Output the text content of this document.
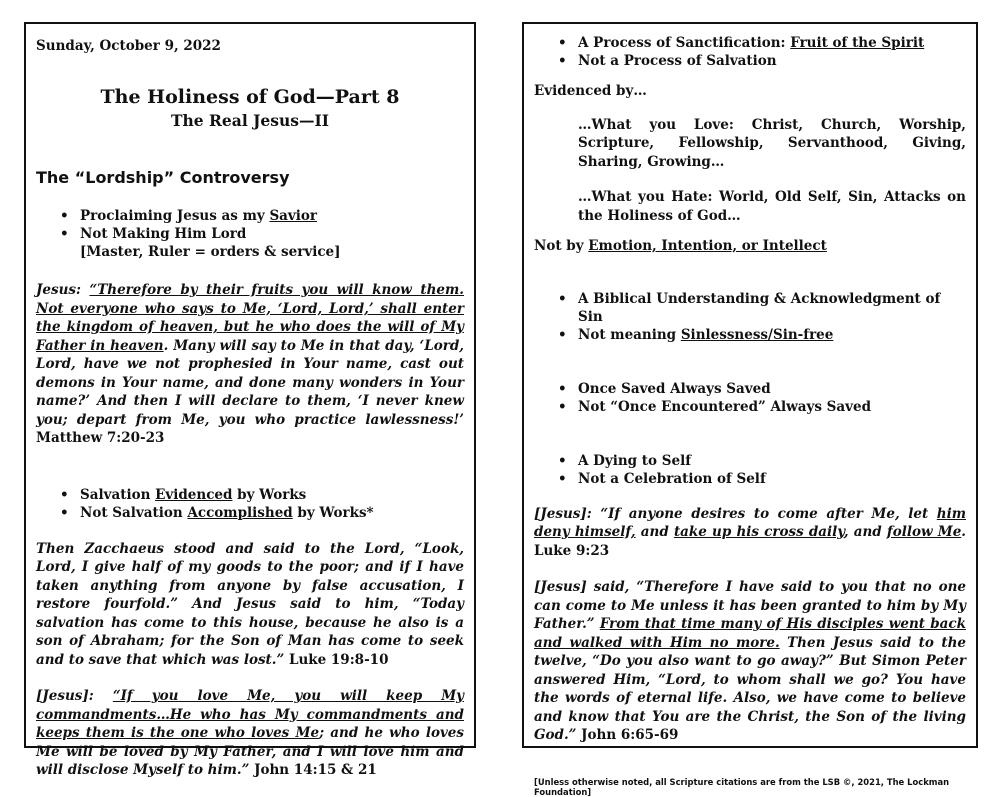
Sunday, October 9, 2022
The Holiness of God—Part 8
The Real Jesus—II
The “Lordship” Controversy
• Proclaiming Jesus as my Savior
• Not Making Him Lord
[Master, Ruler = orders & service]
Jesus: “Therefore by their fruits you will know them. Not everyone who says to Me, ‘Lord, Lord,’ shall enter the kingdom of heaven, but he who does the will of My Father in heaven. Many will say to Me in that day, ‘Lord, Lord, have we not prophesied in Your name, cast out demons in Your name, and done many wonders in Your name?’ And then I will declare to them, ‘I never knew you; depart from Me, you who practice lawlessness!’ Matthew 7:20-23
• Salvation Evidenced by Works
• Not Salvation Accomplished by Works*
Then Zacchaeus stood and said to the Lord, “Look, Lord, I give half of my goods to the poor; and if I have taken anything from anyone by false accusation, I restore fourfold.” And Jesus said to him, “Today salvation has come to this house, because he also is a son of Abraham; for the Son of Man has come to seek and to save that which was lost.” Luke 19:8-10
[Jesus]: “If you love Me, you will keep My commandments…He who has My commandments and keeps them is the one who loves Me; and he who loves Me will be loved by My Father, and I will love him and will disclose Myself to him.” John 14:15 & 21
• A Process of Sanctification: Fruit of the Spirit
• Not a Process of Salvation
Evidenced by…
…What you Love: Christ, Church, Worship, Scripture, Fellowship, Servanthood, Giving, Sharing, Growing…
…What you Hate: World, Old Self, Sin, Attacks on the Holiness of God…
Not by Emotion, Intention, or Intellect
• A Biblical Understanding & Acknowledgment of Sin
• Not meaning Sinlessness/Sin-free
• Once Saved Always Saved
• Not “Once Encountered” Always Saved
• A Dying to Self
• Not a Celebration of Self
[Jesus]: “If anyone desires to come after Me, let him deny himself, and take up his cross daily, and follow Me. Luke 9:23
[Jesus] said, “Therefore I have said to you that no one can come to Me unless it has been granted to him by My Father.” From that time many of His disciples went back and walked with Him no more. Then Jesus said to the twelve, “Do you also want to go away?” But Simon Peter answered Him, “Lord, to whom shall we go? You have the words of eternal life. Also, we have come to believe and know that You are the Christ, the Son of the living God.” John 6:65-69
[Unless otherwise noted, all Scripture citations are from the LSB ©, 2021, The Lockman Foundation]
